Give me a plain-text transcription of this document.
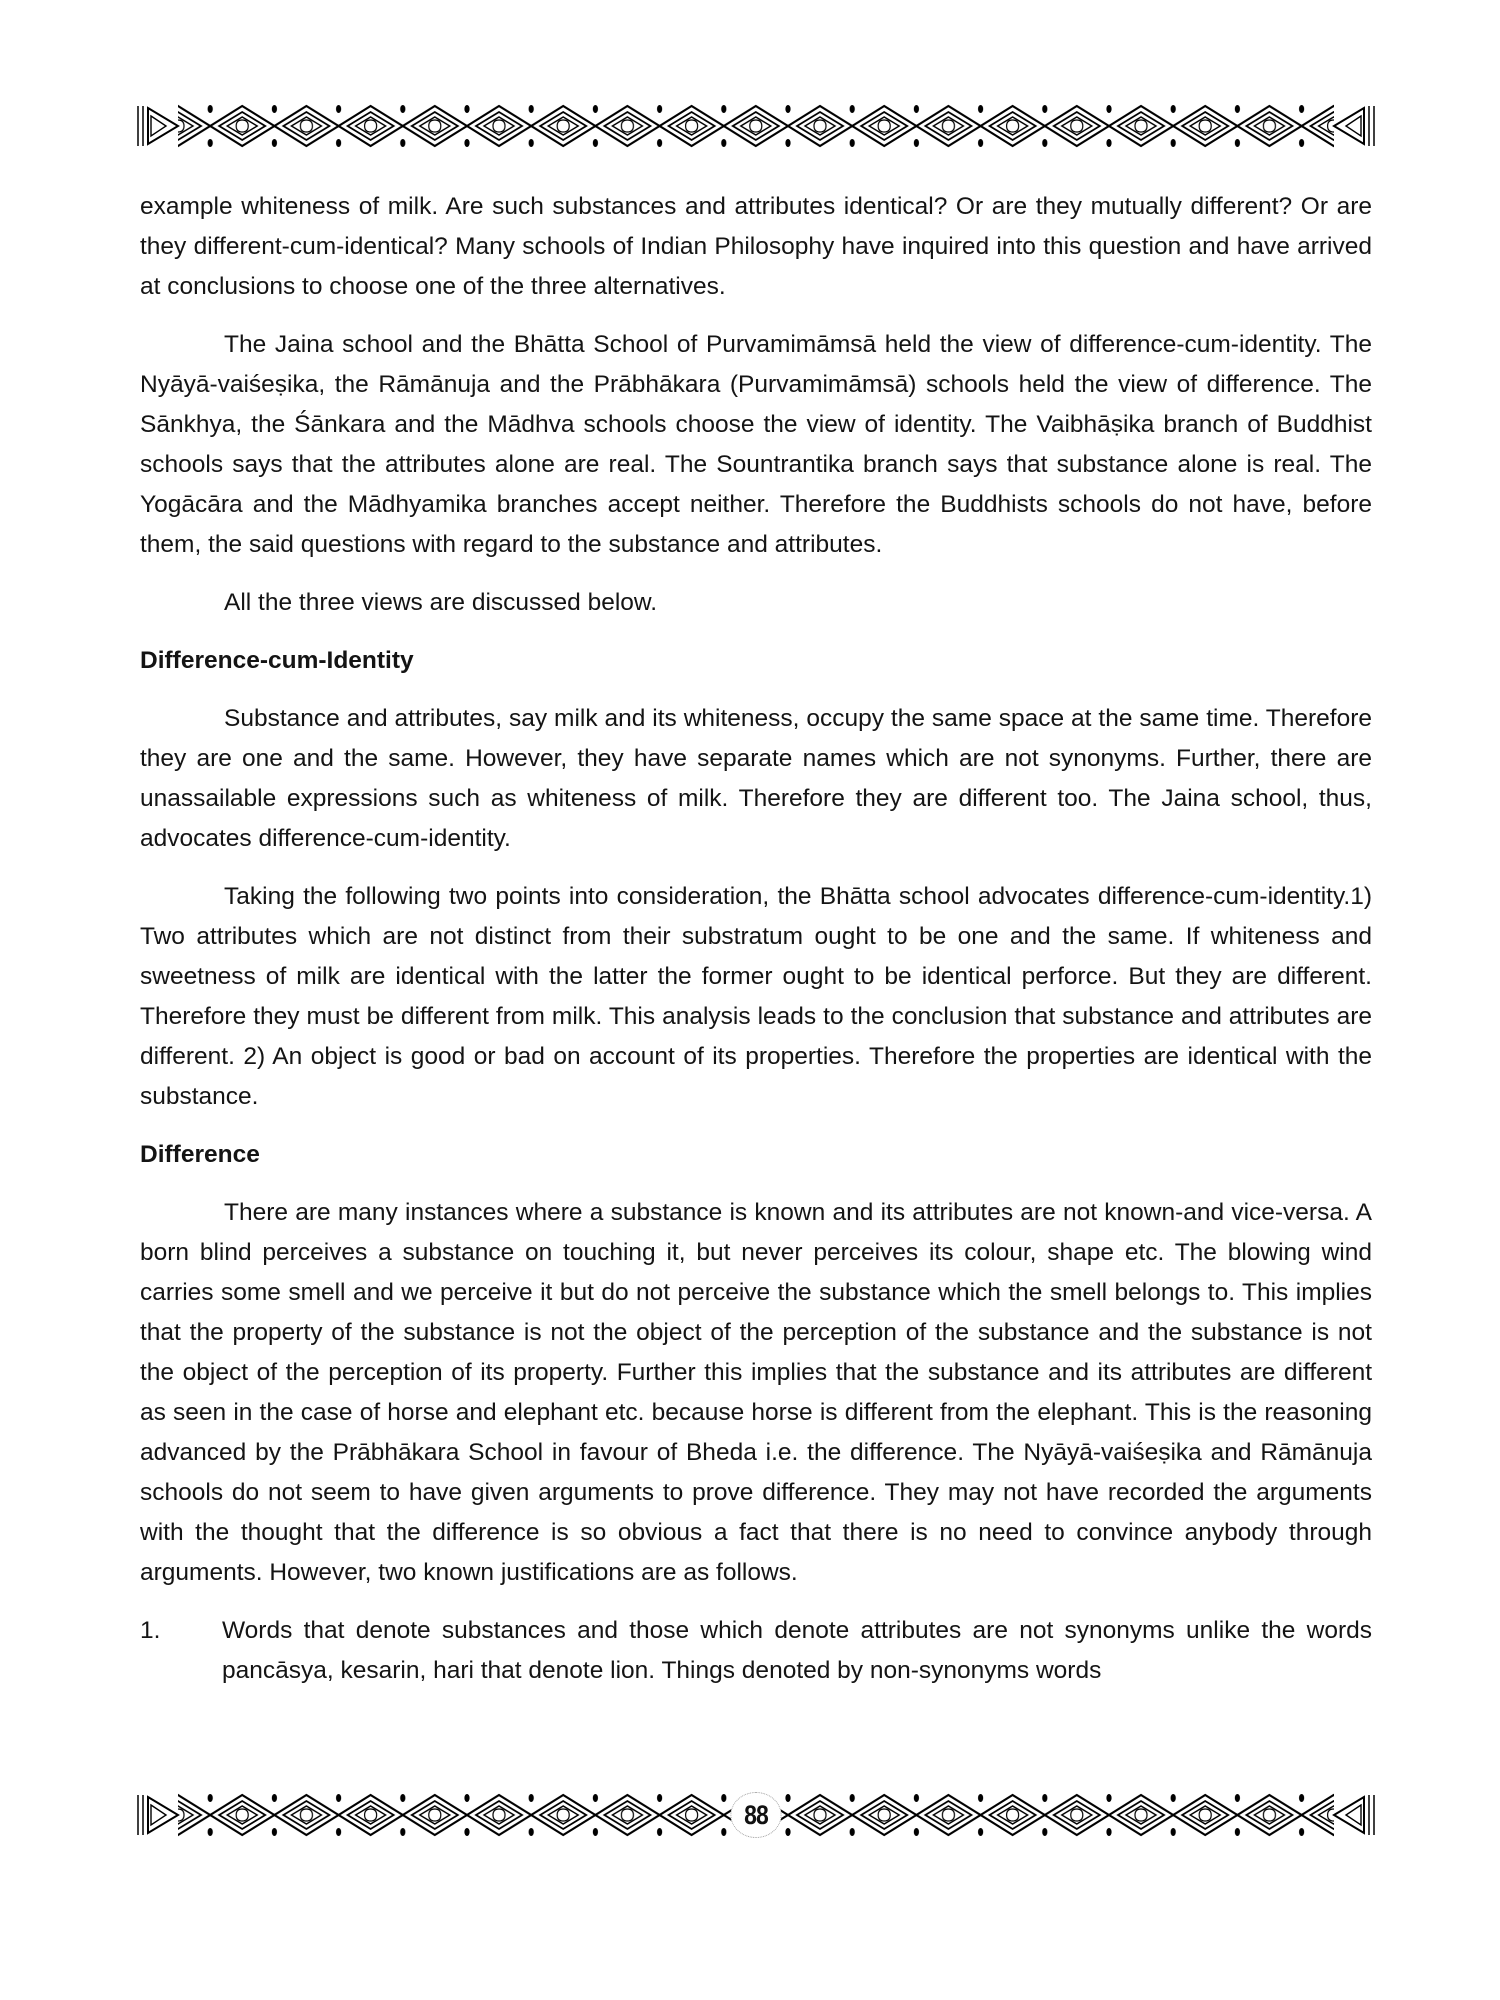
example whiteness of milk. Are such substances and attributes identical? Or are they mutually different? Or are they different-cum-identical? Many schools of Indian Philosophy have inquired into this question and have arrived at conclusions to choose one of the three alternatives.

The Jaina school and the Bhātta School of Purvamimāmsā held the view of difference-cum-identity. The Nyāyā-vaiśeṣika, the Rāmānuja and the Prābhākara (Purvamimāmsā) schools held the view of difference. The Sānkhya, the Śānkara and the Mādhva schools choose the view of identity. The Vaibhāṣika branch of Buddhist schools says that the attributes alone are real. The Sountrantika branch says that substance alone is real. The Yogācāra and the Mādhyamika branches accept neither. Therefore the Buddhists schools do not have, before them, the said questions with regard to the substance and attributes.

All the three views are discussed below.

Difference-cum-Identity

Substance and attributes, say milk and its whiteness, occupy the same space at the same time. Therefore they are one and the same. However, they have separate names which are not synonyms. Further, there are unassailable expressions such as whiteness of milk. Therefore they are different too. The Jaina school, thus, advocates difference-cum-identity.

Taking the following two points into consideration, the Bhātta school advocates difference-cum-identity.1) Two attributes which are not distinct from their substratum ought to be one and the same. If whiteness and sweetness of milk are identical with the latter the former ought to be identical perforce. But they are different. Therefore they must be different from milk. This analysis leads to the conclusion that substance and attributes are different. 2) An object is good or bad on account of its properties. Therefore the properties are identical with the substance.

Difference

There are many instances where a substance is known and its attributes are not known-and vice-versa. A born blind perceives a substance on touching it, but never perceives its colour, shape etc. The blowing wind carries some smell and we perceive it but do not perceive the substance which the smell belongs to. This implies that the property of the substance is not the object of the perception of the substance and the substance is not the object of the perception of its property. Further this implies that the substance and its attributes are different as seen in the case of horse and elephant etc. because horse is different from the elephant. This is the reasoning advanced by the Prābhākara School in favour of Bheda i.e. the difference. The Nyāyā-vaiśeṣika and Rāmānuja schools do not seem to have given arguments to prove difference. They may not have recorded the arguments with the thought that the difference is so obvious a fact that there is no need to convince anybody through arguments. However, two known justifications are as follows.

1.	Words that denote substances and those which denote attributes are not synonyms unlike the words pancāsya, kesarin, hari that denote lion. Things denoted by non-synonyms words
88
